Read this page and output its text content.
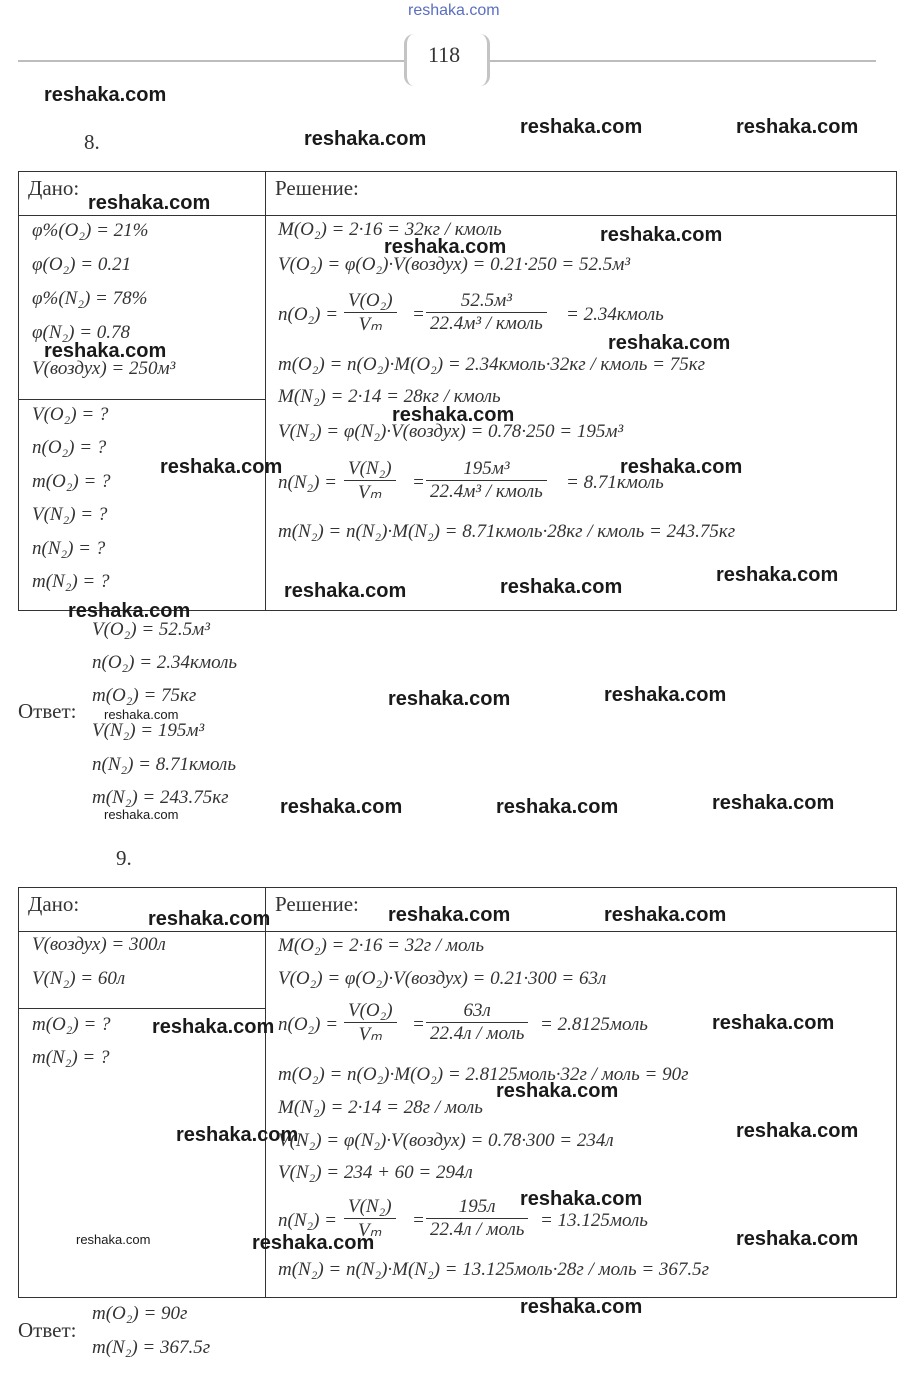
reshaka.com
118
8.
Дано:	Решение:
φ%(O₂) = 21%
φ(O₂) = 0.21
φ%(N₂) = 78%
φ(N₂) = 0.78
V(воздух) = 250м³
V(O₂) = ?
n(O₂) = ?
m(O₂) = ?
V(N₂) = ?
n(N₂) = ?
m(N₂) = ?
M(O₂) = 2·16 = 32кг / кмоль
V(O₂) = φ(O₂)·V(воздух) = 0.21·250 = 52.5м³
n(O₂) =
V(O₂)
Vₘ =
52.5м³
22.4м³ / кмоль = 2.34кмоль
m(O₂) = n(O₂)·M(O₂) = 2.34кмоль·32кг / кмоль = 75кг
M(N₂) = 2·14 = 28кг / кмоль
V(N₂) = φ(N₂)·V(воздух) = 0.78·250 = 195м³
n(N₂) =
V(N₂)
Vₘ =
195м³
22.4м³ / кмоль = 8.71кмоль
m(N₂) = n(N₂)·M(N₂) = 8.71кмоль·28кг / кмоль = 243.75кг
Ответ:
V(O₂) = 52.5м³
n(O₂) = 2.34кмоль
m(O₂) = 75кг
V(N₂) = 195м³
n(N₂) = 8.71кмоль
m(N₂) = 243.75кг
9.
Дано:	Решение:
V(воздух) = 300л
V(N₂) = 60л
m(O₂) = ?
m(N₂) = ?
M(O₂) = 2·16 = 32г / моль
V(O₂) = φ(O₂)·V(воздух) = 0.21·300 = 63л
n(O₂) =
V(O₂)
Vₘ =
63л
22.4л / моль = 2.8125моль
m(O₂) = n(O₂)·M(O₂) = 2.8125моль·32г / моль = 90г
M(N₂) = 2·14 = 28г / моль
V(N₂) = φ(N₂)·V(воздух) = 0.78·300 = 234л
V(N₂) = 234 + 60 = 294л
n(N₂) =
V(N₂)
Vₘ =
195л
22.4л / моль = 13.125моль
m(N₂) = n(N₂)·M(N₂) = 13.125моль·28г / моль = 367.5г
Ответ:
m(O₂) = 90г
m(N₂) = 367.5г
reshaka.com
reshaka.com
reshaka.com	reshaka.com
reshaka.com
reshaka.com
reshaka.com
reshaka.com	reshaka.com
reshaka.com
reshaka.com	reshaka.com
reshaka.com
reshaka.com	reshaka.com
reshaka.com
reshaka.com	reshaka.com
reshaka.com
reshaka.com	reshaka.com	reshaka.com
reshaka.com
reshaka.com	reshaka.com	reshaka.com
reshaka.com	reshaka.com
reshaka.com
reshaka.com	reshaka.com
reshaka.com
reshaka.com	reshaka.com	reshaka.com
reshaka.com
